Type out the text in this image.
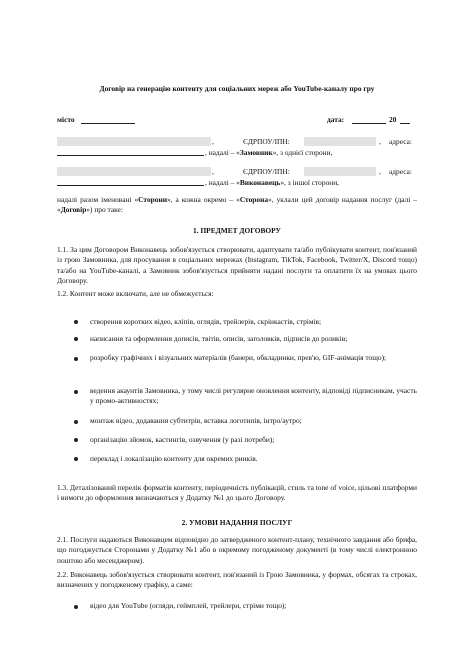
Договір на генерацію контенту для соціальних мереж або YouTube-каналу про гру
місто	дата:	20
,	ЄДРПОУ/ІПН:	, адреса:
, надалі – «Замовник», з однієї сторони,
,	ЄДРПОУ/ІПН:	, адреса:
, надалі – «Виконавець», з іншої сторони,
надалі разом іменовані «Сторони», а кожна окремо – «Сторона», уклали цей договір надання послуг (далі – «Договір») про таке:
1. ПРЕДМЕТ ДОГОВОРУ
1.1. За цим Договором Виконавець зобов'язується створювати, адаптувати та/або публікувати контент, пов'язаний із грою Замовника, для просування в соціальних мережах (Instagram, TikTok, Facebook, Twitter/X, Discord тощо) та/або на YouTube-каналі, а Замовник зобов'язується прийняти надані послуги та оплатити їх на умовах цього Договору.
1.2. Контент може включати, але не обмежується:
створення коротких відео, кліпів, оглядів, трейлерів, скрінкастів, стрімів;
написання та оформлення дописів, твітів, описів, заголовків, підписів до роликів;
розробку графічних і візуальних матеріалів (банери, обкладинки, прев'ю, GIF-анімація тощо);
ведення акаунтів Замовника, у тому числі регулярне оновлення контенту, відповіді підписникам, участь у промо-активностях;
монтаж відео, додавання субтитрів, вставка логотипів, інтро/аутро;
організацію зйомок, кастингів, озвучення (у разі потреби);
переклад і локалізацію контенту для окремих ринків.
1.3. Деталізований перелік форматів контенту, періодичність публікацій, стиль та tone of voice, цільові платформи і вимоги до оформлення визначаються у Додатку №1 до цього Договору.
2. УМОВИ НАДАННЯ ПОСЛУГ
2.1. Послуги надаються Виконавцем відповідно до затвердженого контент-плану, технічного завдання або брифа, що погоджується Сторонами у Додатку №1 або в окремому погодженому документі (в тому числі електронною поштою або месенджером).
2.2. Виконавець зобов'язується створювати контент, пов'язаний із Грою Замовника, у формах, обсягах та строках, визначених у погодженому графіку, а саме:
відео для YouTube (огляди, геймплей, трейлери, стріми тощо);
